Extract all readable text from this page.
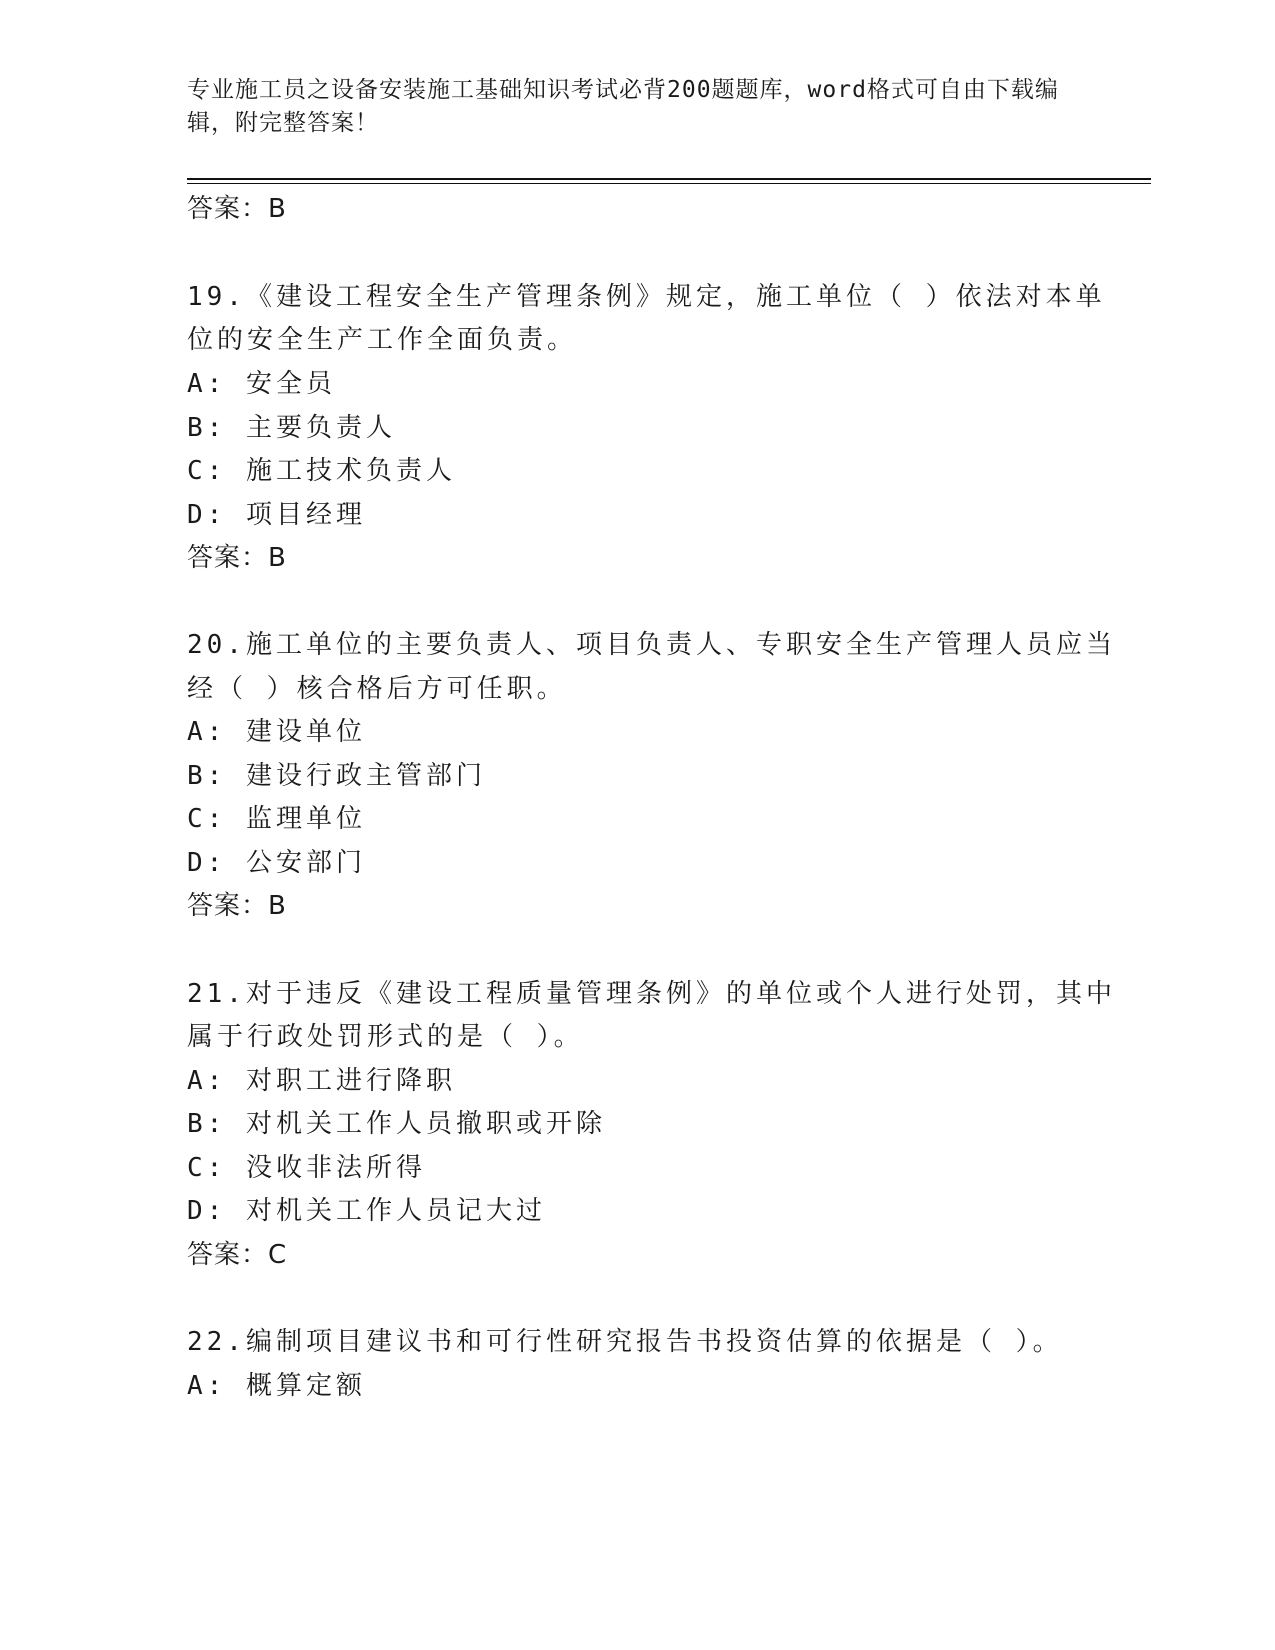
专业施工员之设备安装施工基础知识考试必背200题题库，word格式可自由下载编辑，附完整答案！
答案：B
19.《建设工程安全生产管理条例》规定，施工单位（ ）依法对本单
位的安全生产工作全面负责。
A: 安全员
B: 主要负责人
C: 施工技术负责人
D: 项目经理
答案：B
20.施工单位的主要负责人、项目负责人、专职安全生产管理人员应当
经（ ）核合格后方可任职。
A: 建设单位
B: 建设行政主管部门
C: 监理单位
D: 公安部门
答案：B
21.对于违反《建设工程质量管理条例》的单位或个人进行处罚，其中
属于行政处罚形式的是（ ）。
A: 对职工进行降职
B: 对机关工作人员撤职或开除
C: 没收非法所得
D: 对机关工作人员记大过
答案：C
22.编制项目建议书和可行性研究报告书投资估算的依据是（ ）。
A: 概算定额
